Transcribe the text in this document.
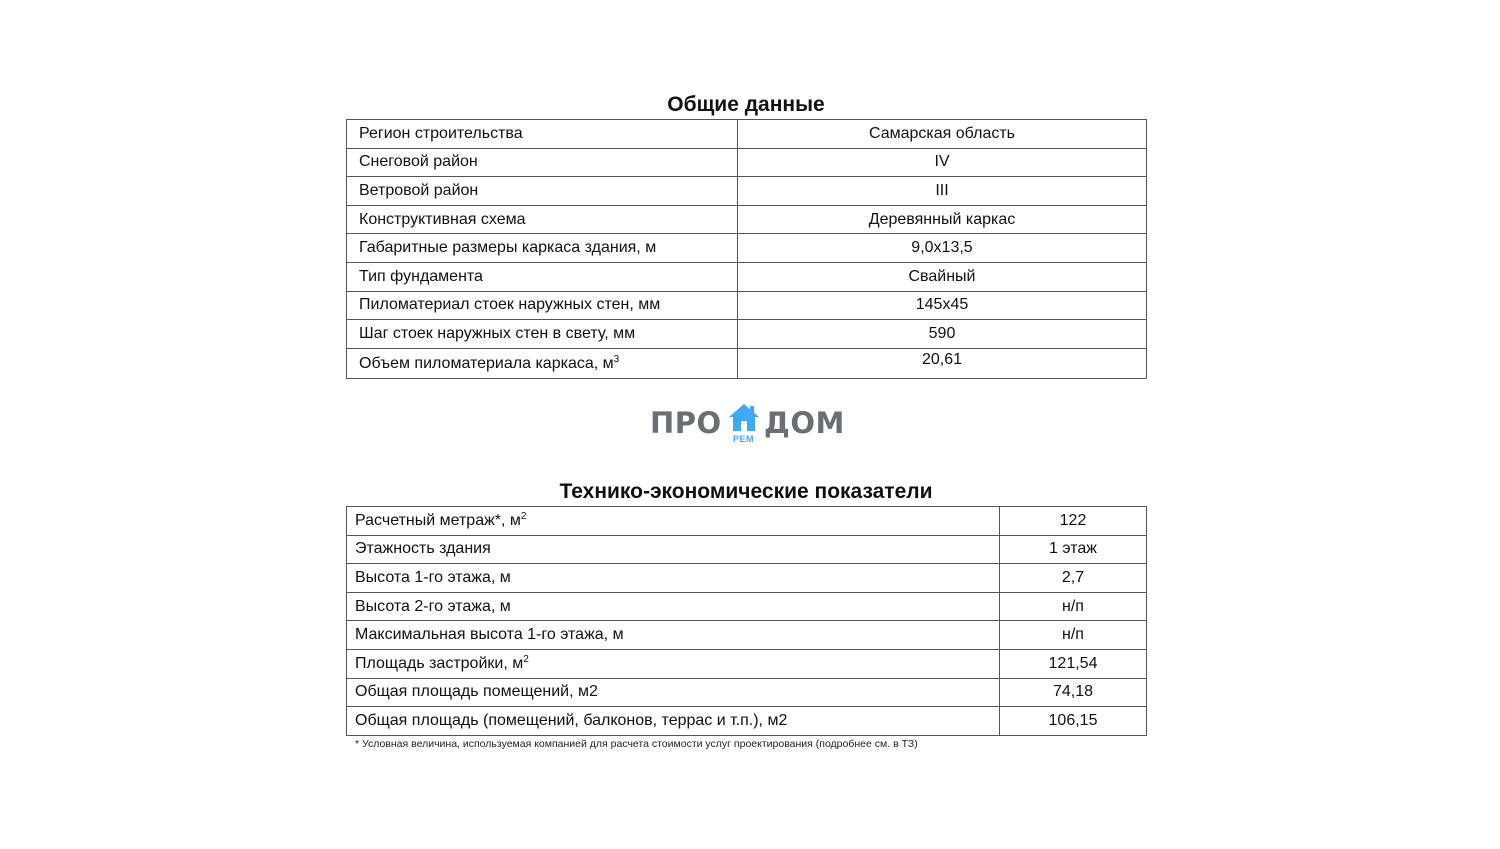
Общие данные
Регион строительства	Самарская область
Снеговой район	IV
Ветровой район	III
Конструктивная схема	Деревянный каркас
Габаритные размеры каркаса здания, м	9,0х13,5
Тип фундамента	Свайный
Пиломатериал стоек наружных стен, мм	145х45
Шаг стоек наружных стен в свету, мм	590
Объем пиломатериала каркаса, $м^3$	20,61
ПРО РЕМ ДОМ
Технико-экономические показатели
Расчетный метраж*, $м^2$	122
Этажность здания	1 этаж
Высота 1-го этажа, м	2,7
Высота 2-го этажа, м	н/п
Максимальная высота 1-го этажа, м	н/п
Площадь застройки, $м^2$	121,54
Общая площадь помещений, м2	74,18
Общая площадь (помещений, балконов, террас и т.п.), м2	106,15
* Условная величина, используемая компанией для расчета стоимости услуг проектирования (подробнее см. в ТЗ)
